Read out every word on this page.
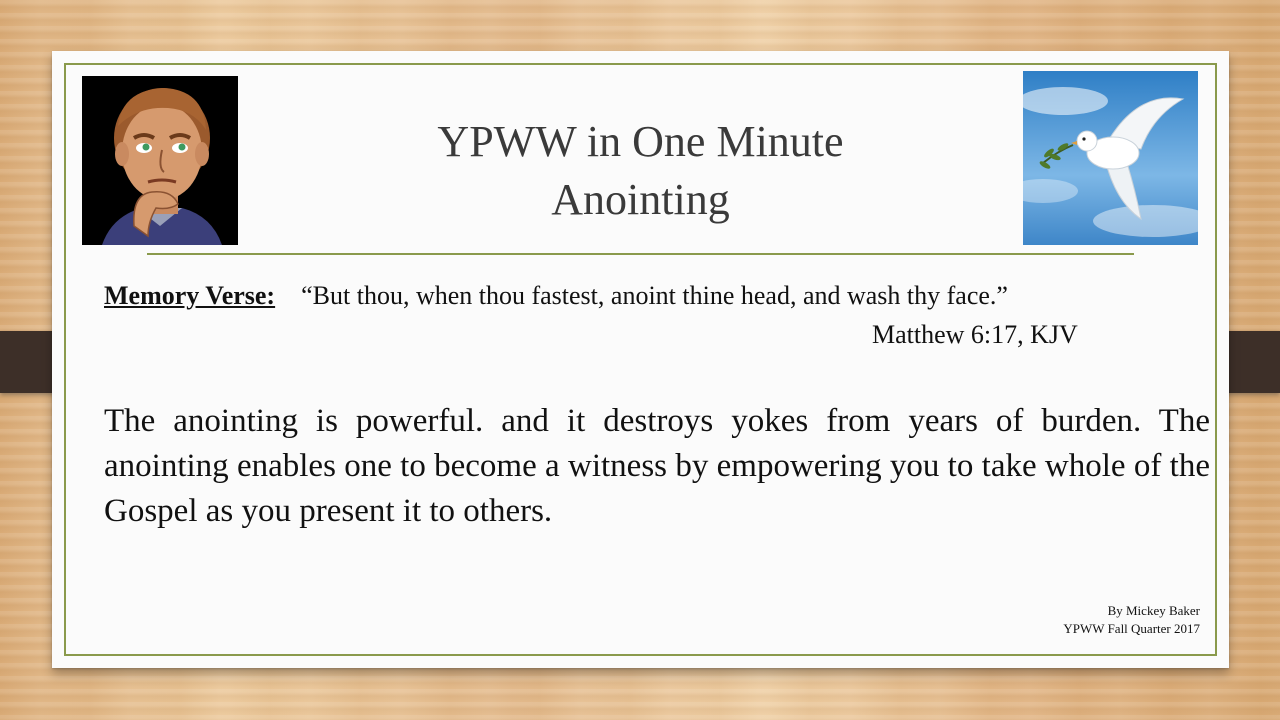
YPWW in One Minute
Anointing
Memory Verse: “But thou, when thou fastest, anoint thine head, and wash thy face.”
Matthew 6:17, KJV
The anointing is powerful. and it destroys yokes from years of burden. The anointing enables one to become a witness by empowering you to take whole of the Gospel as you present it to others.
By Mickey Baker
YPWW Fall Quarter 2017
